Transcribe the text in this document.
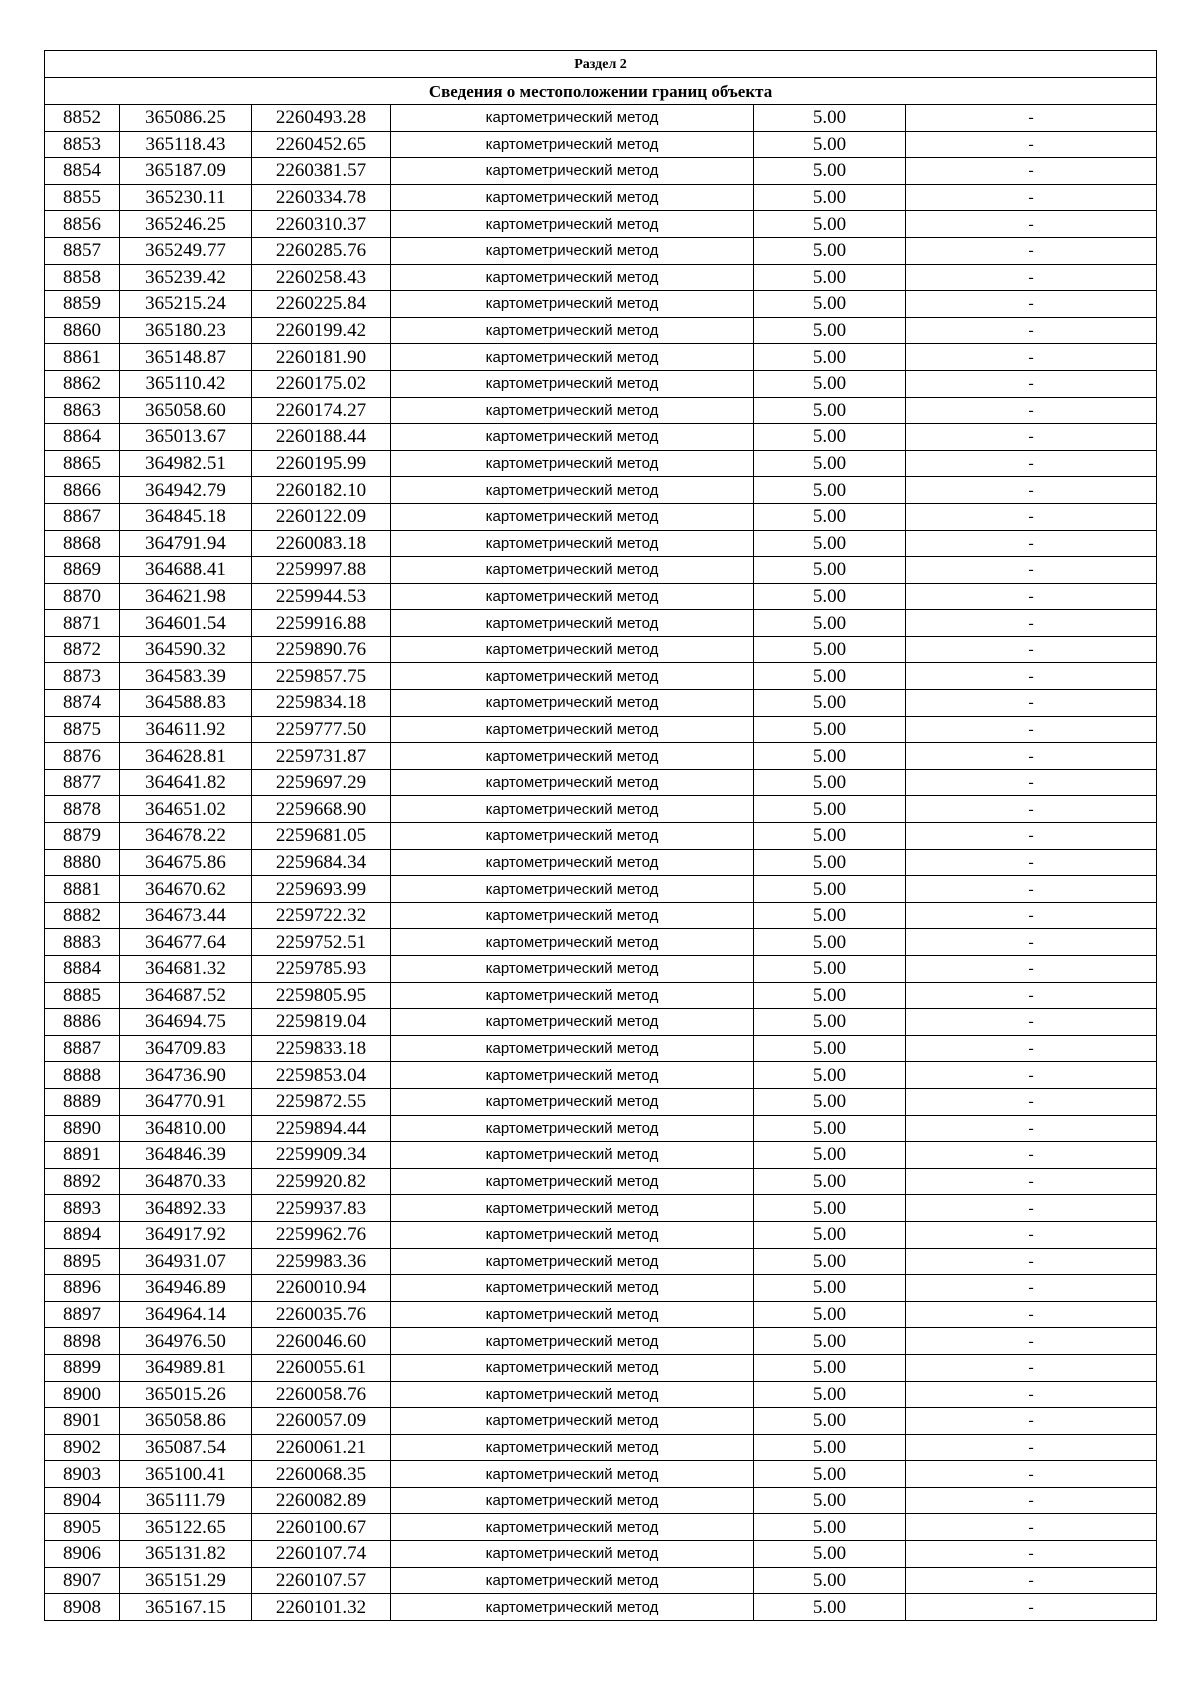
Раздел 2					
Сведения о местоположении границ объекта					
8852	365086.25	2260493.28	картометрический метод	5.00	-
8853	365118.43	2260452.65	картометрический метод	5.00	-
8854	365187.09	2260381.57	картометрический метод	5.00	-
8855	365230.11	2260334.78	картометрический метод	5.00	-
8856	365246.25	2260310.37	картометрический метод	5.00	-
8857	365249.77	2260285.76	картометрический метод	5.00	-
8858	365239.42	2260258.43	картометрический метод	5.00	-
8859	365215.24	2260225.84	картометрический метод	5.00	-
8860	365180.23	2260199.42	картометрический метод	5.00	-
8861	365148.87	2260181.90	картометрический метод	5.00	-
8862	365110.42	2260175.02	картометрический метод	5.00	-
8863	365058.60	2260174.27	картометрический метод	5.00	-
8864	365013.67	2260188.44	картометрический метод	5.00	-
8865	364982.51	2260195.99	картометрический метод	5.00	-
8866	364942.79	2260182.10	картометрический метод	5.00	-
8867	364845.18	2260122.09	картометрический метод	5.00	-
8868	364791.94	2260083.18	картометрический метод	5.00	-
8869	364688.41	2259997.88	картометрический метод	5.00	-
8870	364621.98	2259944.53	картометрический метод	5.00	-
8871	364601.54	2259916.88	картометрический метод	5.00	-
8872	364590.32	2259890.76	картометрический метод	5.00	-
8873	364583.39	2259857.75	картометрический метод	5.00	-
8874	364588.83	2259834.18	картометрический метод	5.00	-
8875	364611.92	2259777.50	картометрический метод	5.00	-
8876	364628.81	2259731.87	картометрический метод	5.00	-
8877	364641.82	2259697.29	картометрический метод	5.00	-
8878	364651.02	2259668.90	картометрический метод	5.00	-
8879	364678.22	2259681.05	картометрический метод	5.00	-
8880	364675.86	2259684.34	картометрический метод	5.00	-
8881	364670.62	2259693.99	картометрический метод	5.00	-
8882	364673.44	2259722.32	картометрический метод	5.00	-
8883	364677.64	2259752.51	картометрический метод	5.00	-
8884	364681.32	2259785.93	картометрический метод	5.00	-
8885	364687.52	2259805.95	картометрический метод	5.00	-
8886	364694.75	2259819.04	картометрический метод	5.00	-
8887	364709.83	2259833.18	картометрический метод	5.00	-
8888	364736.90	2259853.04	картометрический метод	5.00	-
8889	364770.91	2259872.55	картометрический метод	5.00	-
8890	364810.00	2259894.44	картометрический метод	5.00	-
8891	364846.39	2259909.34	картометрический метод	5.00	-
8892	364870.33	2259920.82	картометрический метод	5.00	-
8893	364892.33	2259937.83	картометрический метод	5.00	-
8894	364917.92	2259962.76	картометрический метод	5.00	-
8895	364931.07	2259983.36	картометрический метод	5.00	-
8896	364946.89	2260010.94	картометрический метод	5.00	-
8897	364964.14	2260035.76	картометрический метод	5.00	-
8898	364976.50	2260046.60	картометрический метод	5.00	-
8899	364989.81	2260055.61	картометрический метод	5.00	-
8900	365015.26	2260058.76	картометрический метод	5.00	-
8901	365058.86	2260057.09	картометрический метод	5.00	-
8902	365087.54	2260061.21	картометрический метод	5.00	-
8903	365100.41	2260068.35	картометрический метод	5.00	-
8904	365111.79	2260082.89	картометрический метод	5.00	-
8905	365122.65	2260100.67	картометрический метод	5.00	-
8906	365131.82	2260107.74	картометрический метод	5.00	-
8907	365151.29	2260107.57	картометрический метод	5.00	-
8908	365167.15	2260101.32	картометрический метод	5.00	-
